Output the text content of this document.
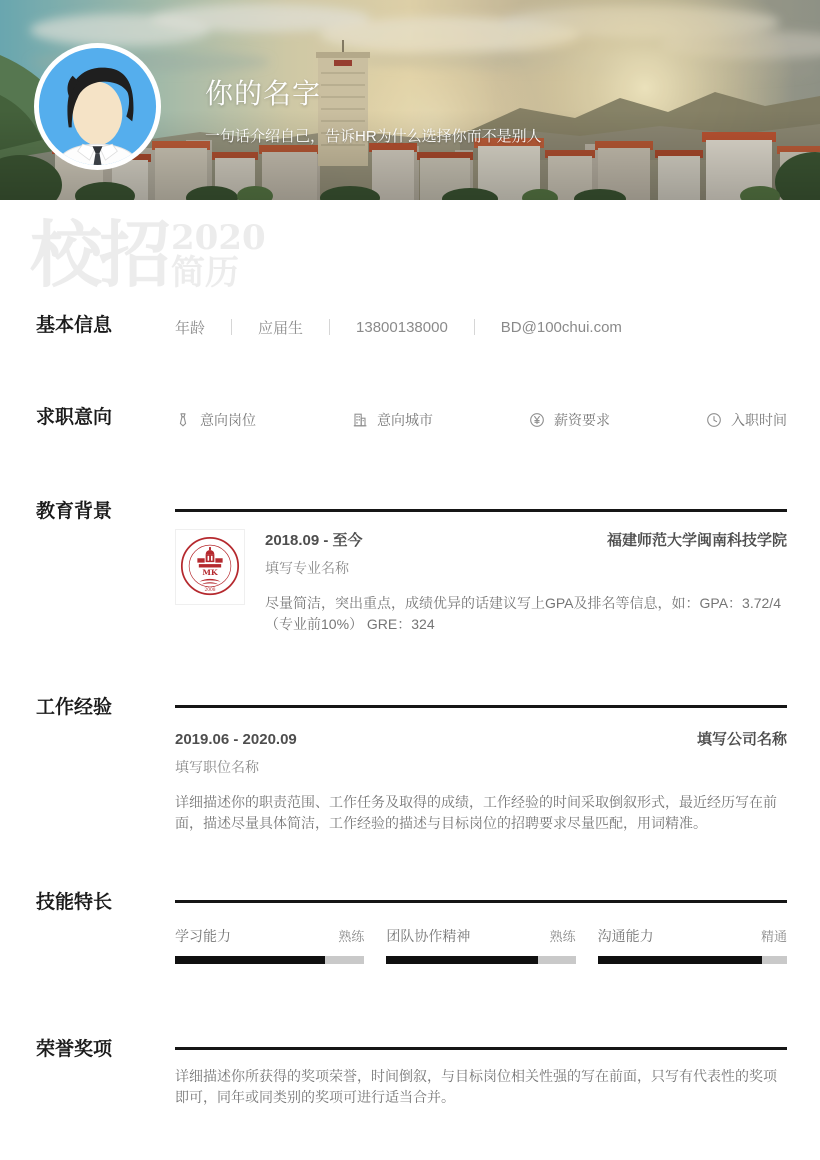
你的名字
一句话介绍自己，告诉HR为什么选择你而不是别人
校招 2020
简历
基本信息	年龄	应届生	13800138000	BD@100chui.com
求职意向	意向岗位	意向城市	薪资要求	入职时间
教育背景
MK
2008
2018.09 - 至今	福建师范大学闽南科技学院
填写专业名称

尽量简洁，突出重点，成绩优异的话建议写上GPA及排名等信息，如：GPA：3.72/4（专业前10%） GRE：324

工作经验
2019.06 - 2020.09	填写公司名称
填写职位名称

详细描述你的职责范围、工作任务及取得的成绩，工作经验的时间采取倒叙形式，最近经历写在前面，描述尽量具体简洁，工作经验的描述与目标岗位的招聘要求尽量匹配，用词精准。

技能特长
学习能力	熟练 团队协作精神	熟练 沟通能力	精通
荣誉奖项

详细描述你所获得的奖项荣誉，时间倒叙，与目标岗位相关性强的写在前面，只写有代表性的奖项即可，同年或同类别的奖项可进行适当合并。
